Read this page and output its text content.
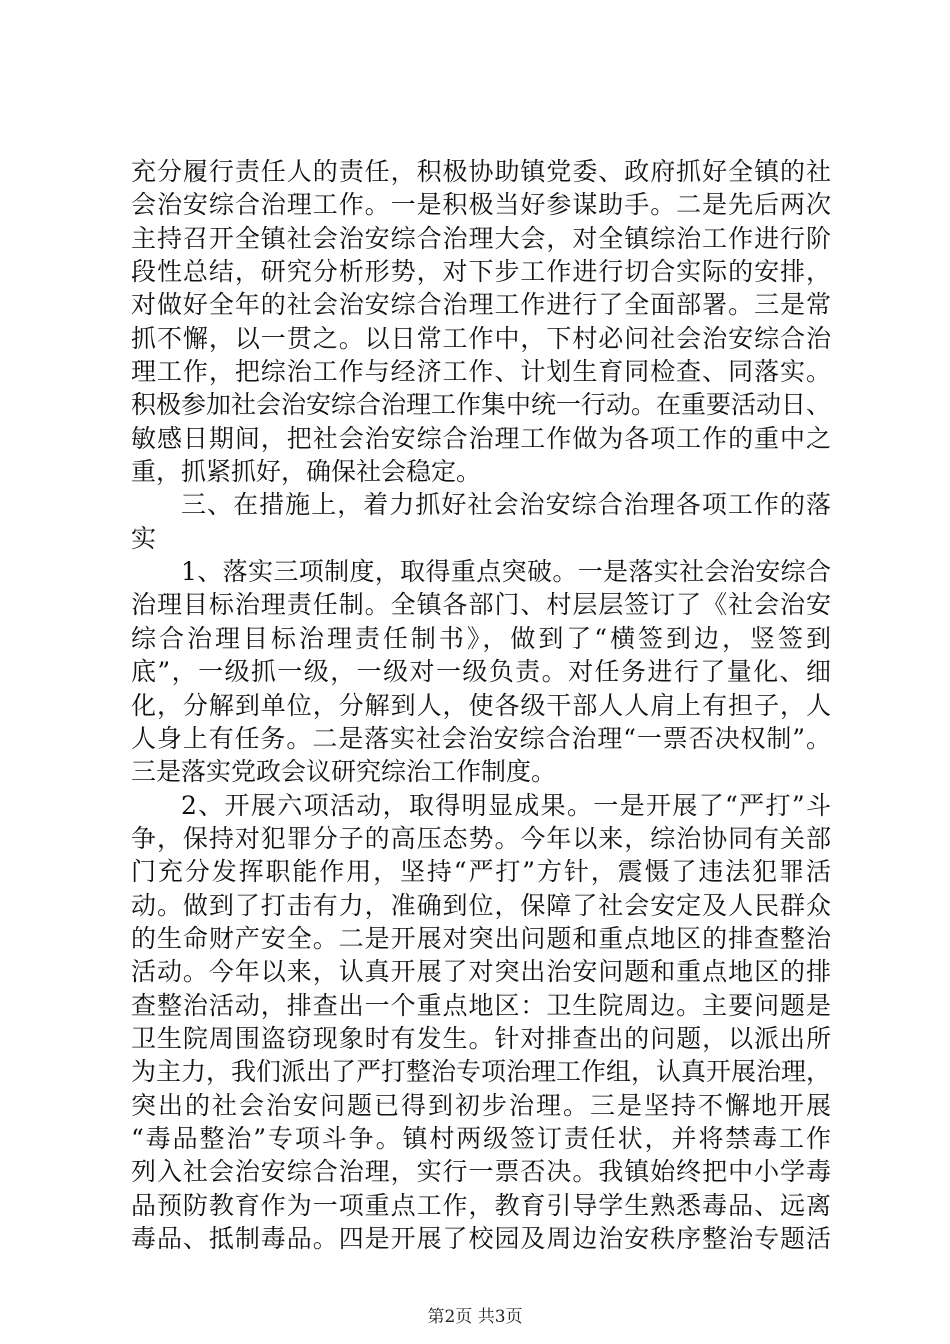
充分履行责任人的责任，积极协助镇党委、政府抓好全镇的社
会治安综合治理工作。一是积极当好参谋助手。二是先后两次
主持召开全镇社会治安综合治理大会，对全镇综治工作进行阶
段性总结，研究分析形势，对下步工作进行切合实际的安排，
对做好全年的社会治安综合治理工作进行了全面部署。三是常
抓不懈，以一贯之。以日常工作中，下村必问社会治安综合治
理工作，把综治工作与经济工作、计划生育同检查、同落实。
积极参加社会治安综合治理工作集中统一行动。在重要活动日、
敏感日期间，把社会治安综合治理工作做为各项工作的重中之
重，抓紧抓好，确保社会稳定。
三、在措施上，着力抓好社会治安综合治理各项工作的落
实
1、落实三项制度，取得重点突破。一是落实社会治安综合
治理目标治理责任制。全镇各部门、村层层签订了《社会治安
综合治理目标治理责任制书》，做到了“横签到边，竖签到
底”，一级抓一级，一级对一级负责。对任务进行了量化、细
化，分解到单位，分解到人，使各级干部人人肩上有担子，人
人身上有任务。二是落实社会治安综合治理“一票否决权制”。
三是落实党政会议研究综治工作制度。
2、开展六项活动，取得明显成果。一是开展了“严打”斗
争，保持对犯罪分子的高压态势。今年以来，综治协同有关部
门充分发挥职能作用，坚持“严打”方针，震慑了违法犯罪活
动。做到了打击有力，准确到位，保障了社会安定及人民群众
的生命财产安全。二是开展对突出问题和重点地区的排查整治
活动。今年以来，认真开展了对突出治安问题和重点地区的排
查整治活动，排查出一个重点地区：卫生院周边。主要问题是
卫生院周围盗窃现象时有发生。针对排查出的问题，以派出所
为主力，我们派出了严打整治专项治理工作组，认真开展治理，
突出的社会治安问题已得到初步治理。三是坚持不懈地开展
“毒品整治”专项斗争。镇村两级签订责任状，并将禁毒工作
列入社会治安综合治理，实行一票否决。我镇始终把中小学毒
品预防教育作为一项重点工作，教育引导学生熟悉毒品、远离
毒品、抵制毒品。四是开展了校园及周边治安秩序整治专题活
第2页 共3页
